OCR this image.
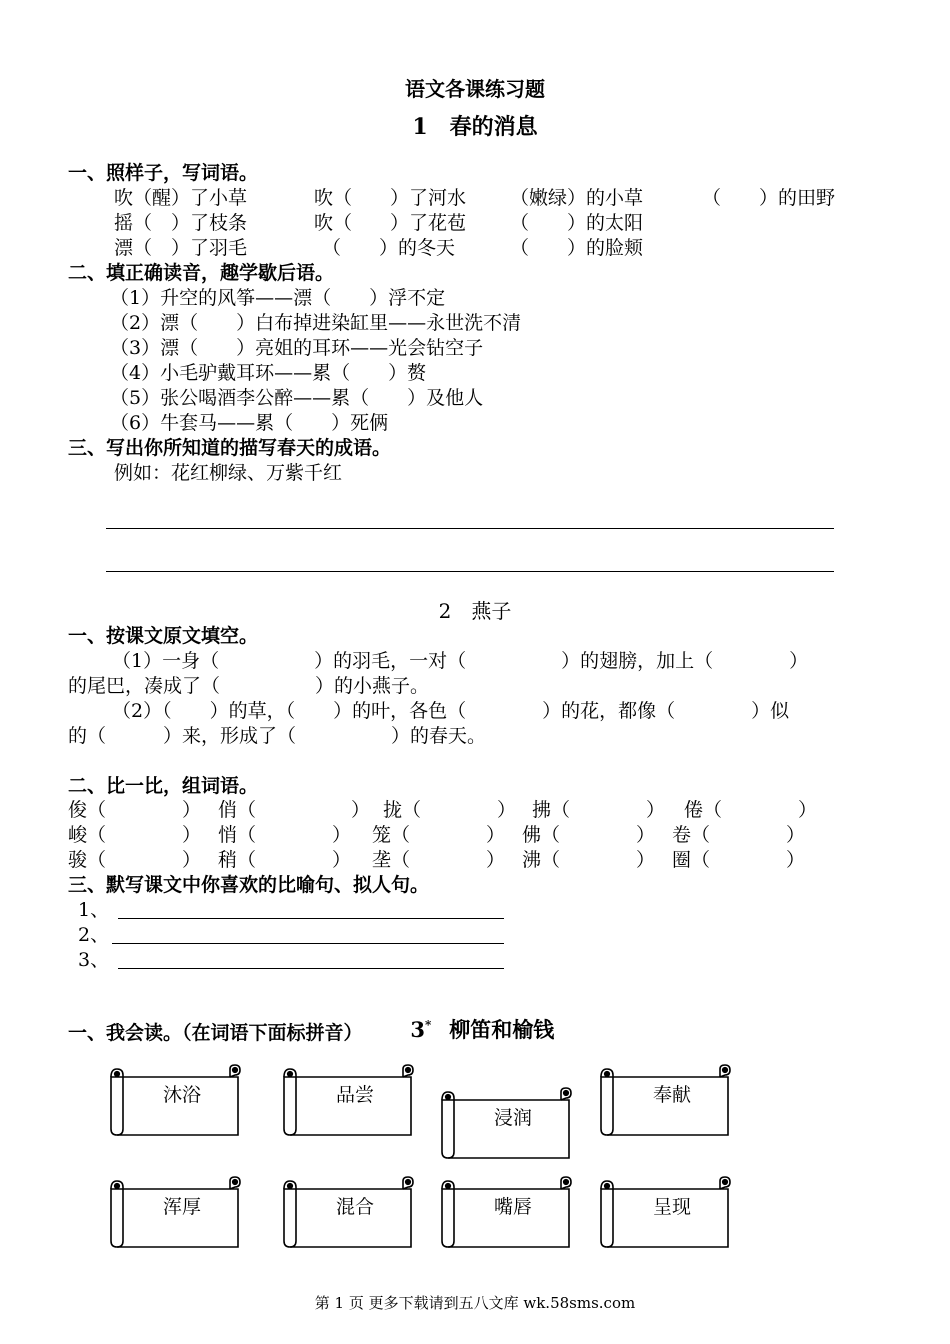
语文各课练习题
1　春的消息
一、照样子，写词语。
吹（醒）了小草	吹（　　）了河水 （嫩绿）的小草	（　　）的田野
摇（　）了枝条	吹（　　）了花苞 （　　）的太阳
漂（　）了羽毛	（　　）的冬天	（　　）的脸颊
二、填正确读音，趣学歇后语。
（1）升空的风筝——漂（　　）浮不定
（2）漂（　　）白布掉进染缸里——永世洗不清
（3）漂（　　）亮姐的耳环——光会钻空子
（4）小毛驴戴耳环——累（　　）赘
（5）张公喝酒李公醉——累（　　）及他人
（6）牛套马——累（　　）死俩
三、写出你所知道的描写春天的成语。
例如：花红柳绿、万紫千红
2　燕子
一、按课文原文填空。
（1）一身（　　　　　）的羽毛，一对（　　　　　）的翅膀，加上（　　　　）
的尾巴，凑成了（　　　　　）的小燕子。
（2）（　　）的草，（　　）的叶，各色（　　　　）的花，都像（　　　　）似
的（　　　）来，形成了（　　　　　）的春天。
二、比一比，组词语。
俊（　　　　） 俏（　　　　　） 拢（　　　　） 拂（　　　　） 倦（　　　　）
峻（　　　　） 悄（　　　　） 笼（　　　　） 佛（　　　　） 卷（　　　　）
骏（　　　　） 稍（　　　　） 垄（　　　　） 沸（　　　　） 圈（　　　　）
三、默写课文中你喜欢的比喻句、拟人句。
1、
2、
3、

3* 柳笛和榆钱

一、我会读。（在词语下面标拼音）
沐浴	品尝
浸润
奉献
浑厚	混合	嘴唇	呈现
第 1 页 更多下载请到五八文库 wk.58sms.com
